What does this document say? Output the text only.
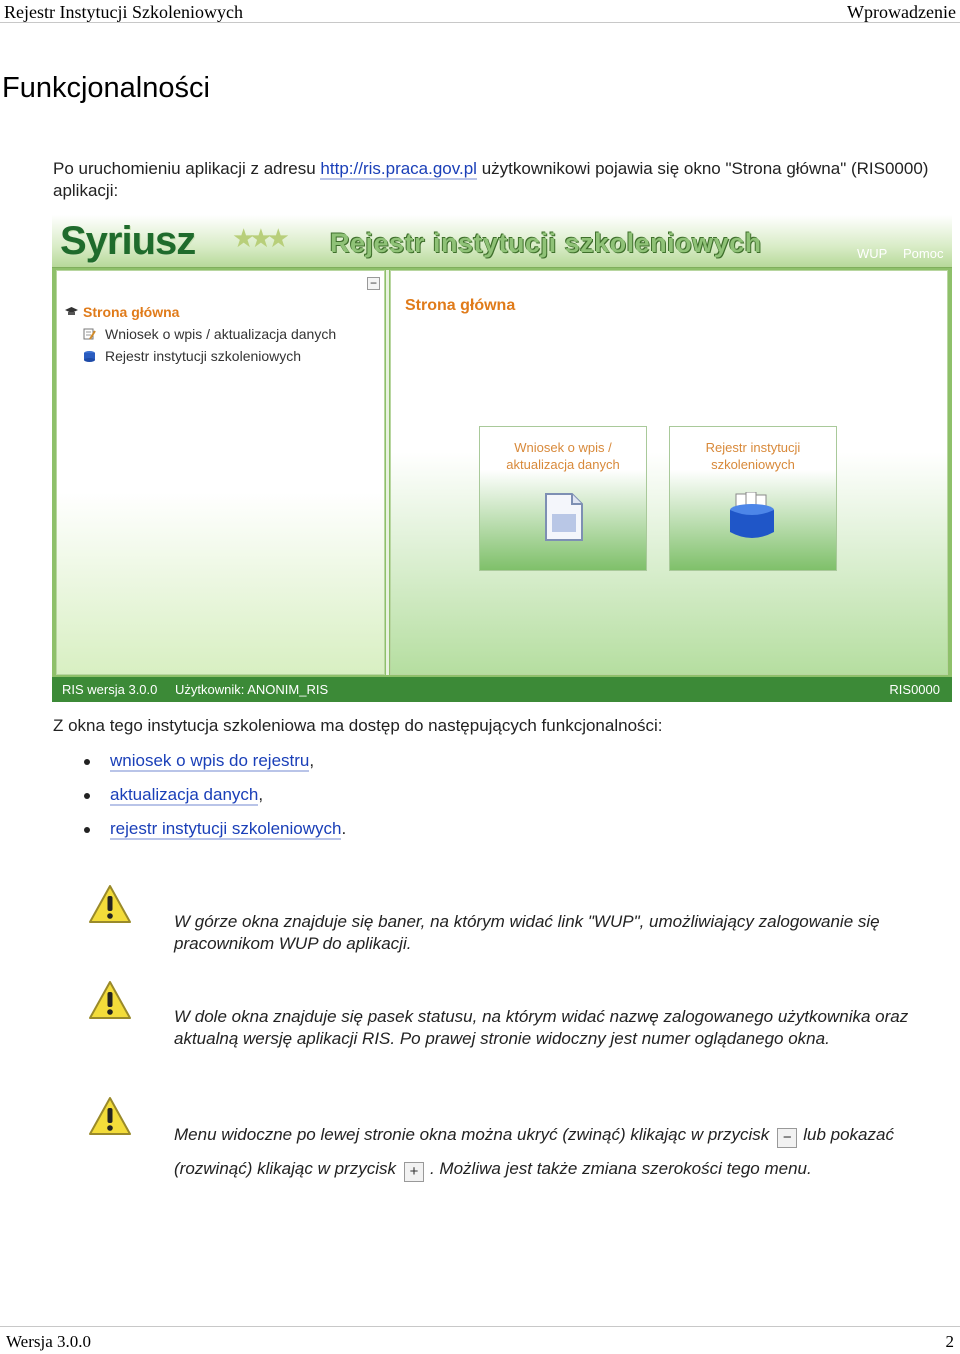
Rejestr Instytucji Szkoleniowych	Wprowadzenie
Funkcjonalności
Po uruchomieniu aplikacji z adresu http://ris.praca.gov.pl użytkownikowi pojawia się okno "Strona główna" (RIS0000) aplikacji:
Syriusz ★★★ Rejestr instytucji szkoleniowych	WUP Pomoc
−
Strona główna
Wniosek o wpis / aktualizacja danych
Rejestr instytucji szkoleniowych
Strona główna
Wniosek o wpis /
aktualizacja danych
Rejestr instytucji
szkoleniowych
RIS wersja 3.0.0 Użytkownik: ANONIM_RIS	RIS0000
Z okna tego instytucja szkoleniowa ma dostęp do następujących funkcjonalności:
wniosek o wpis do rejestru,
aktualizacja danych,
rejestr instytucji szkoleniowych.
W górze okna znajduje się baner, na którym widać link "WUP", umożliwiający zalogowanie się pracownikom WUP do aplikacji.
W dole okna znajduje się pasek statusu, na którym widać nazwę zalogowanego użytkownika oraz aktualną wersję aplikacji RIS. Po prawej stronie widoczny jest numer oglądanego okna.
Menu widoczne po lewej stronie okna można ukryć (zwinąć) klikając w przycisk − lub pokazać (rozwinąć) klikając w przycisk + . Możliwa jest także zmiana szerokości tego menu.
Wersja 3.0.0	2
